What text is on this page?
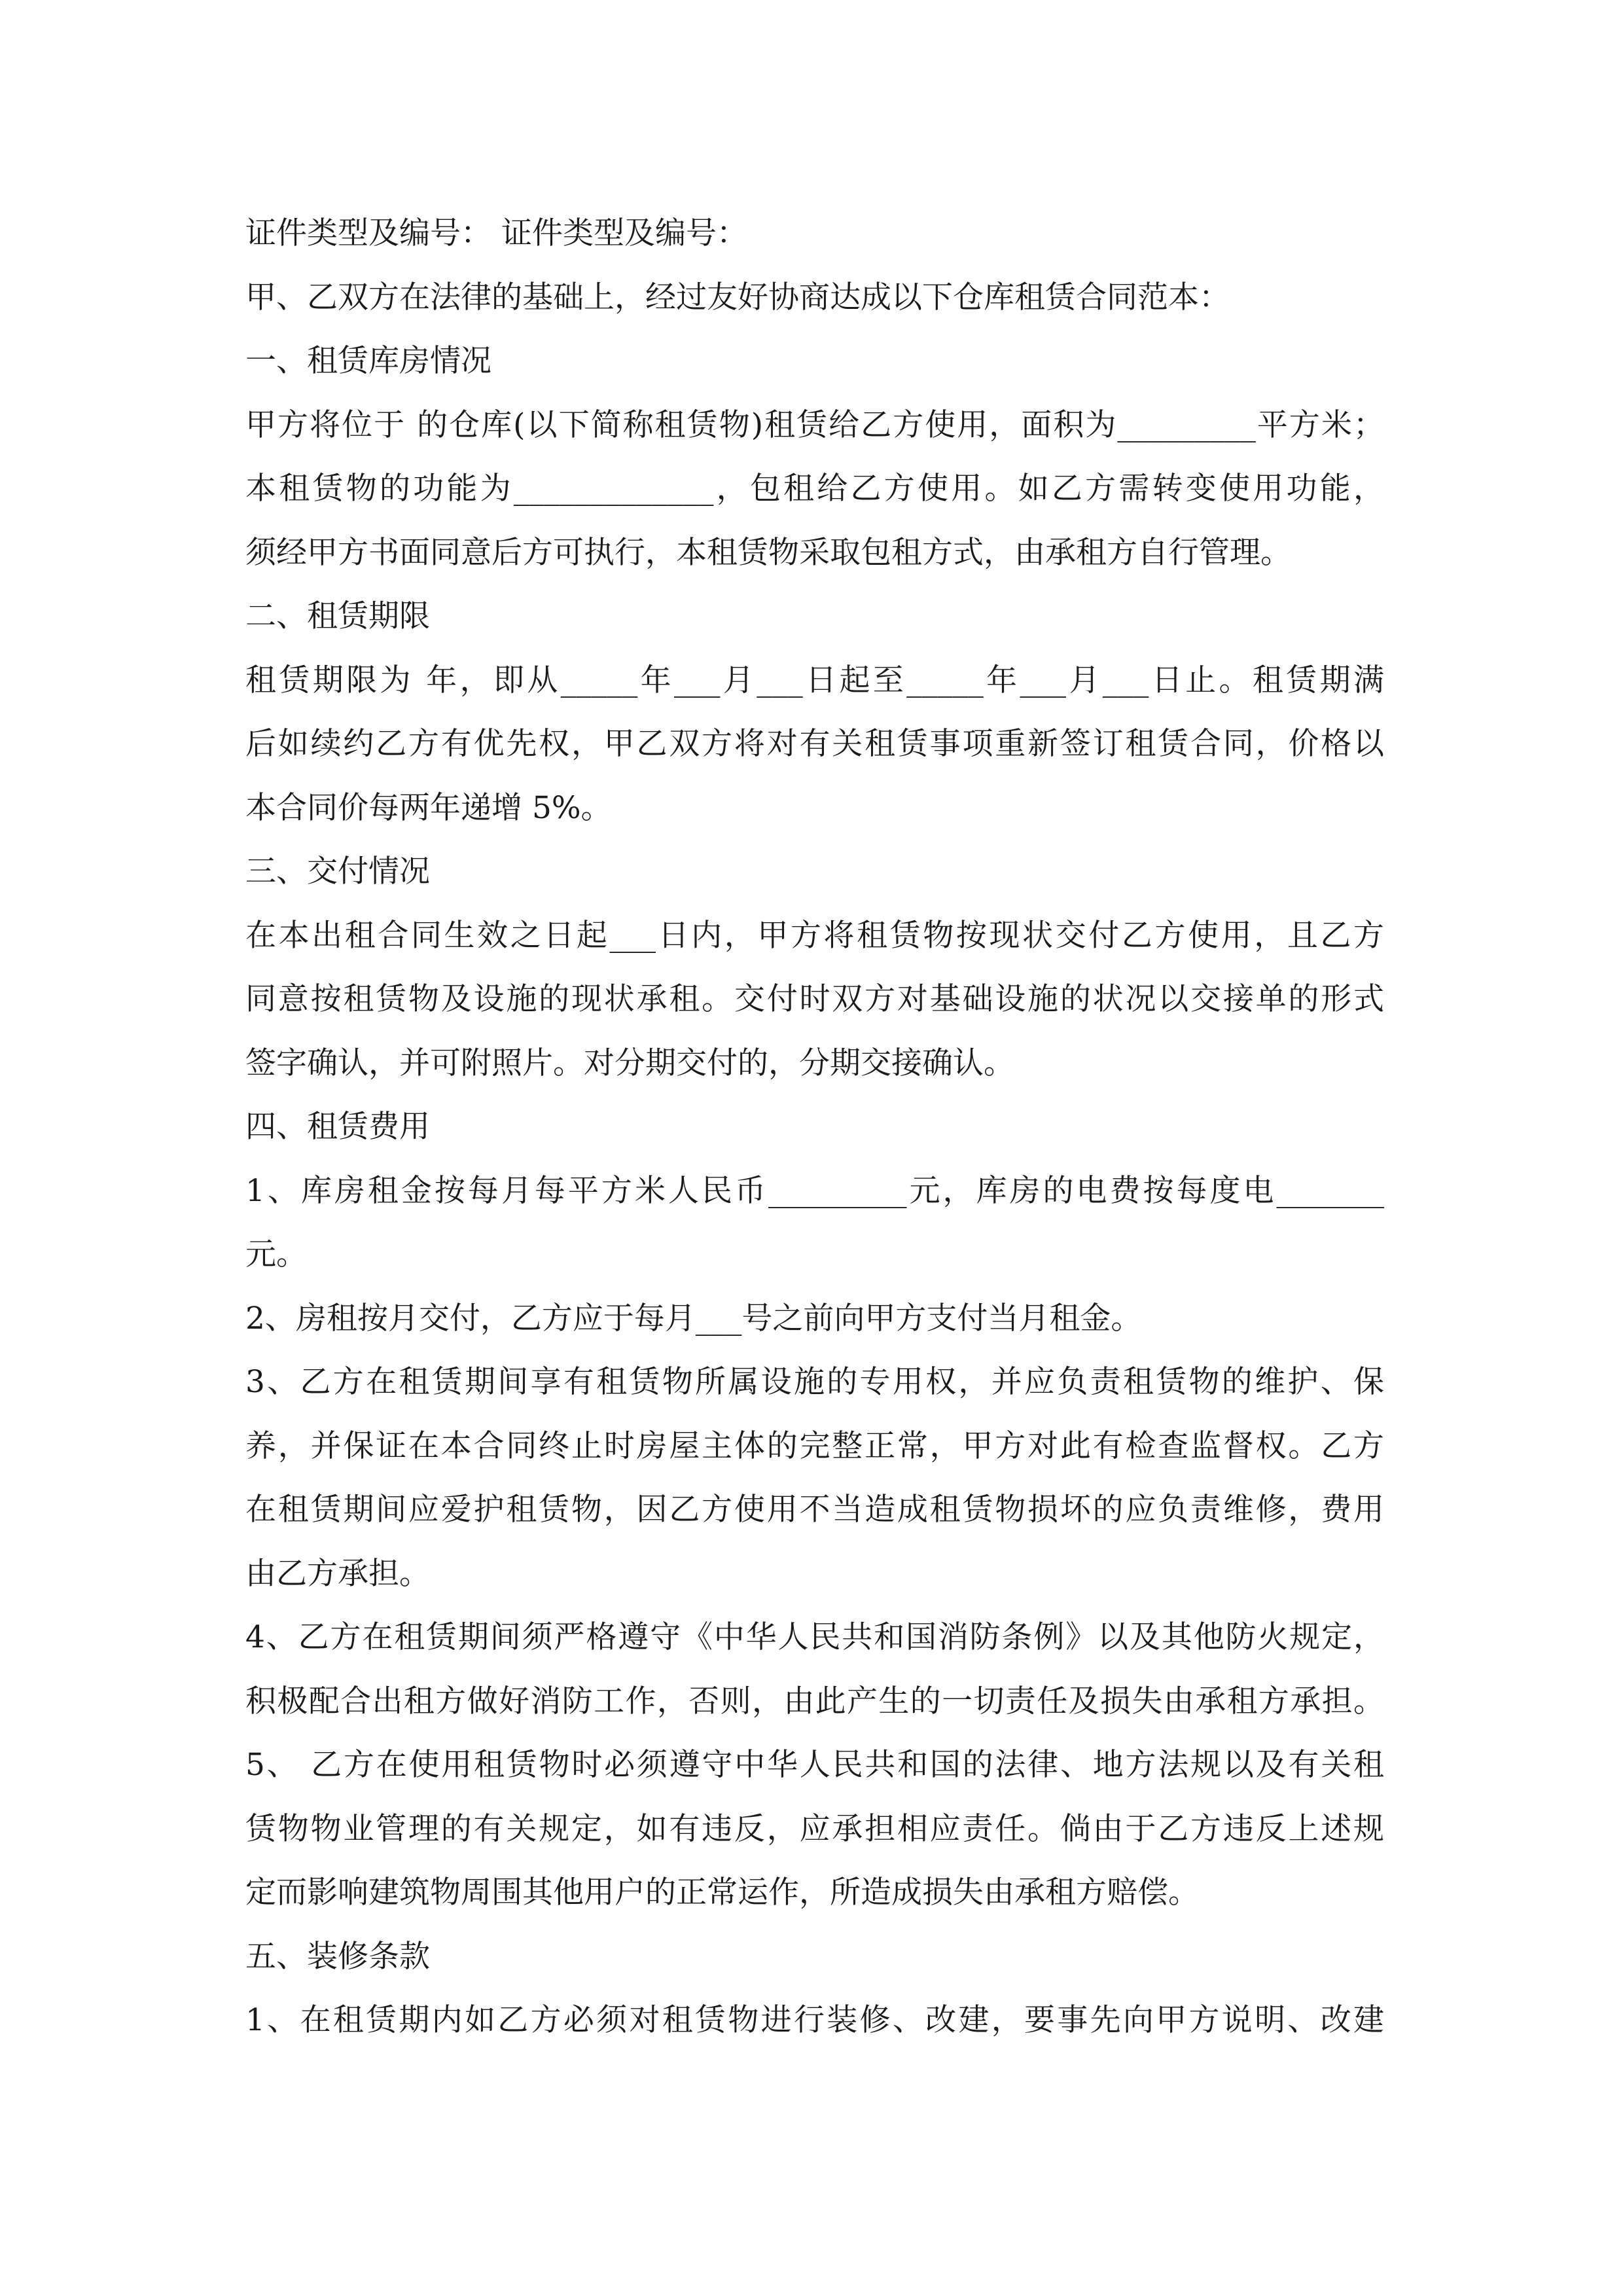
证件类型及编号： 证件类型及编号：
甲、乙双方在法律的基础上，经过友好协商达成以下仓库租赁合同范本：
一、租赁库房情况
甲方将位于 的仓库(以下简称租赁物)租赁给乙方使用，面积为_________平方米；
本租赁物的功能为_____________，包租给乙方使用。如乙方需转变使用功能，
须经甲方书面同意后方可执行，本租赁物采取包租方式，由承租方自行管理。
二、租赁期限
租赁期限为 年，即从_____年___月___日起至_____年___月___日止。租赁期满
后如续约乙方有优先权，甲乙双方将对有关租赁事项重新签订租赁合同，价格以
本合同价每两年递增 5%。
三、交付情况
在本出租合同生效之日起___日内，甲方将租赁物按现状交付乙方使用，且乙方
同意按租赁物及设施的现状承租。交付时双方对基础设施的状况以交接单的形式
签字确认，并可附照片。对分期交付的，分期交接确认。
四、租赁费用
1、库房租金按每月每平方米人民币_________元，库房的电费按每度电_______
元。
2、房租按月交付，乙方应于每月___号之前向甲方支付当月租金。
3、乙方在租赁期间享有租赁物所属设施的专用权，并应负责租赁物的维护、保
养，并保证在本合同终止时房屋主体的完整正常，甲方对此有检查监督权。乙方
在租赁期间应爱护租赁物，因乙方使用不当造成租赁物损坏的应负责维修，费用
由乙方承担。
4、乙方在租赁期间须严格遵守《中华人民共和国消防条例》以及其他防火规定，
积极配合出租方做好消防工作，否则，由此产生的一切责任及损失由承租方承担。
5、 乙方在使用租赁物时必须遵守中华人民共和国的法律、地方法规以及有关租
赁物物业管理的有关规定，如有违反，应承担相应责任。倘由于乙方违反上述规
定而影响建筑物周围其他用户的正常运作，所造成损失由承租方赔偿。
五、装修条款
1、在租赁期内如乙方必须对租赁物进行装修、改建，要事先向甲方说明、改建
